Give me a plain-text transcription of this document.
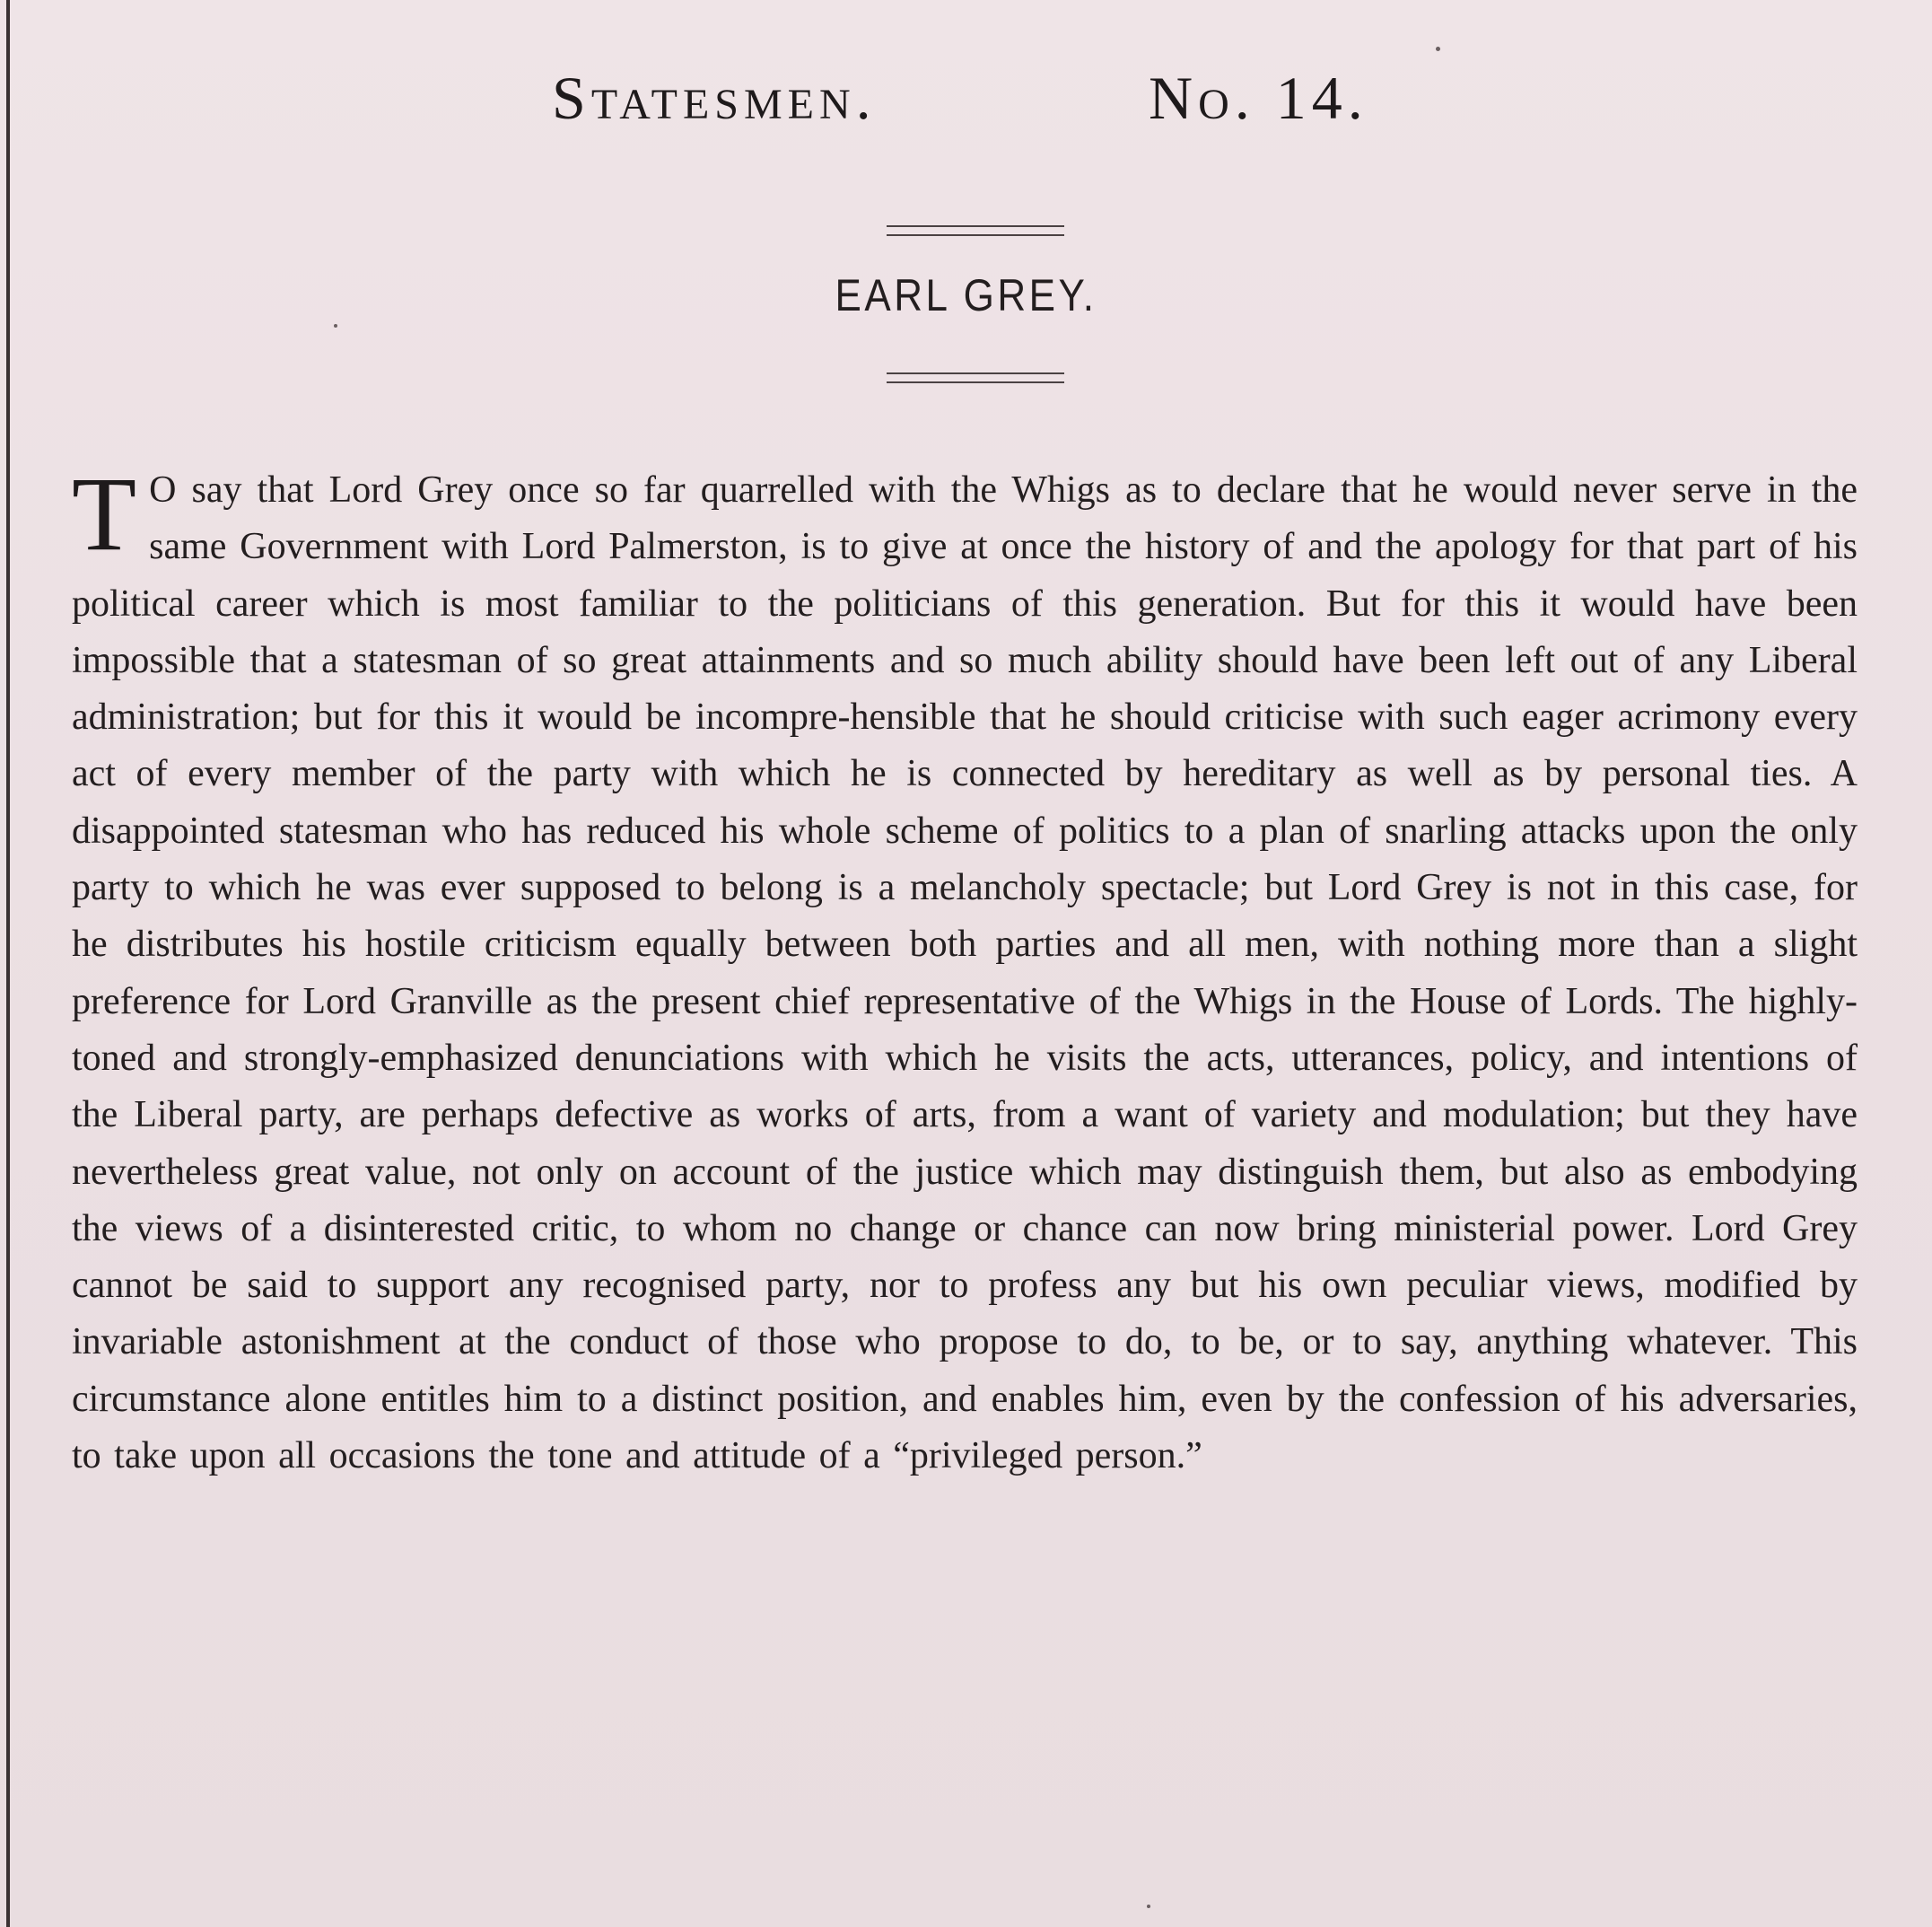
Statesmen.	No. 14.
EARL GREY.
T O say that Lord Grey once so far quarrelled with the Whigs as to declare that he would never serve in the same Government with Lord Palmerston, is to give at once the history of and the apology for that part of his political career which is most familiar to the politicians of this generation. But for this it would have been impossible that a statesman of so great attainments and so much ability should have been left out of any Liberal administration; but for this it would be incompre-hensible that he should criticise with such eager acrimony every act of every member of the party with which he is connected by hereditary as well as by personal ties. A disappointed statesman who has reduced his whole scheme of politics to a plan of snarling attacks upon the only party to which he was ever supposed to belong is a melancholy spectacle; but Lord Grey is not in this case, for he distributes his hostile criticism equally between both parties and all men, with nothing more than a slight preference for Lord Granville as the present chief representative of the Whigs in the House of Lords. The highly-toned and strongly-emphasized denunciations with which he visits the acts, utterances, policy, and intentions of the Liberal party, are perhaps defective as works of arts, from a want of variety and modulation; but they have nevertheless great value, not only on account of the justice which may distinguish them, but also as embodying the views of a disinterested critic, to whom no change or chance can now bring ministerial power. Lord Grey cannot be said to support any recognised party, nor to profess any but his own peculiar views, modified by invariable astonishment at the conduct of those who propose to do, to be, or to say, anything whatever. This circumstance alone entitles him to a distinct position, and enables him, even by the confession of his adversaries, to take upon all occasions the tone and attitude of a “privileged person.”
